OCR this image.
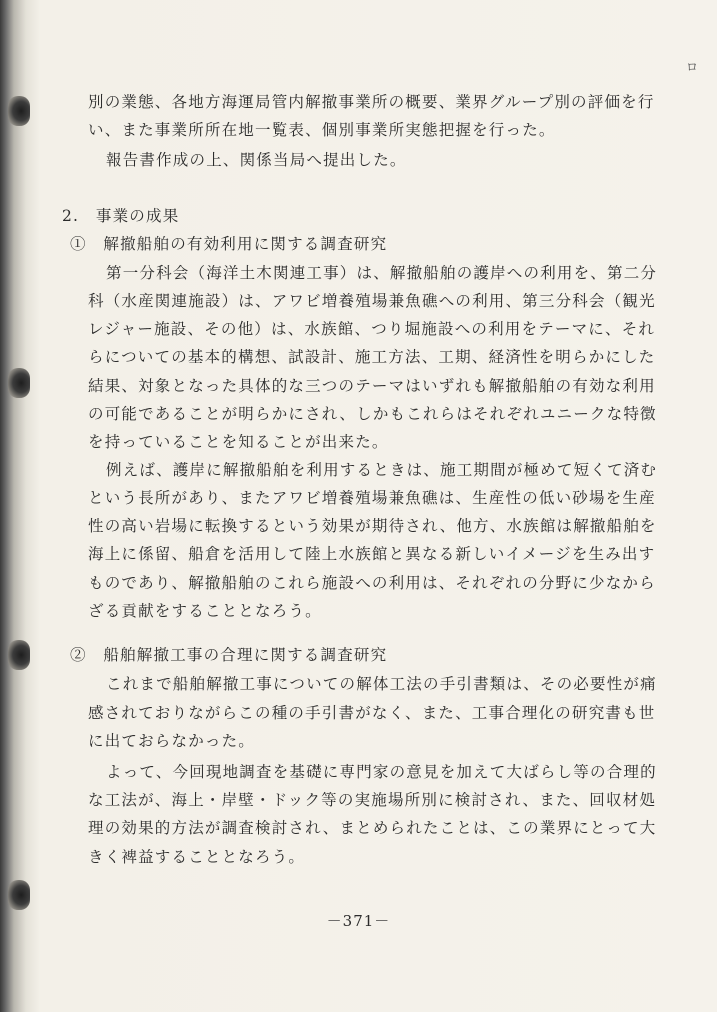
ロ
別の業態、各地方海運局管内解撤事業所の概要、業界グループ別の評価を行
い、また事業所所在地一覧表、個別事業所実態把握を行った。
報告書作成の上、関係当局へ提出した。
2.　事業の成果
①　解撤船舶の有効利用に関する調査研究
第一分科会（海洋土木関連工事）は、解撤船舶の護岸への利用を、第二分
科（水産関連施設）は、アワビ増養殖場兼魚礁への利用、第三分科会（観光
レジャー施設、その他）は、水族館、つり堀施設への利用をテーマに、それ
らについての基本的構想、試設計、施工方法、工期、経済性を明らかにした
結果、対象となった具体的な三つのテーマはいずれも解撤船舶の有効な利用
の可能であることが明らかにされ、しかもこれらはそれぞれユニークな特徴
を持っていることを知ることが出来た。
例えば、護岸に解撤船舶を利用するときは、施工期間が極めて短くて済む
という長所があり、またアワビ増養殖場兼魚礁は、生産性の低い砂場を生産
性の高い岩場に転換するという効果が期待され、他方、水族館は解撤船舶を
海上に係留、船倉を活用して陸上水族館と異なる新しいイメージを生み出す
ものであり、解撤船舶のこれら施設への利用は、それぞれの分野に少なから
ざる貢献をすることとなろう。
②　船舶解撤工事の合理に関する調査研究
これまで船舶解撤工事についての解体工法の手引書類は、その必要性が痛
感されておりながらこの種の手引書がなく、また、工事合理化の研究書も世
に出ておらなかった。
よって、今回現地調査を基礎に専門家の意見を加えて大ばらし等の合理的
な工法が、海上・岸壁・ドック等の実施場所別に検討され、また、回収材処
理の効果的方法が調査検討され、まとめられたことは、この業界にとって大
きく裨益することとなろう。
－371－
